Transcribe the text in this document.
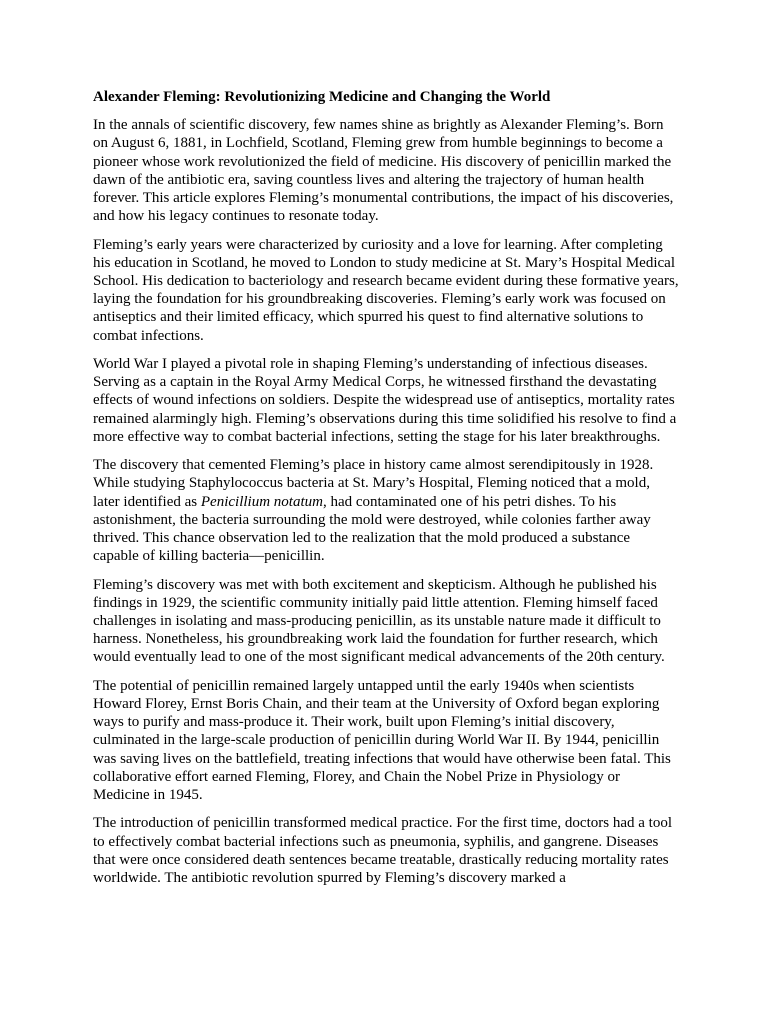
Alexander Fleming: Revolutionizing Medicine and Changing the World

In the annals of scientific discovery, few names shine as brightly as Alexander Fleming’s. Born on August 6, 1881, in Lochfield, Scotland, Fleming grew from humble beginnings to become a pioneer whose work revolutionized the field of medicine. His discovery of penicillin marked the dawn of the antibiotic era, saving countless lives and altering the trajectory of human health forever. This article explores Fleming’s monumental contributions, the impact of his discoveries, and how his legacy continues to resonate today.

Fleming’s early years were characterized by curiosity and a love for learning. After completing his education in Scotland, he moved to London to study medicine at St. Mary’s Hospital Medical School. His dedication to bacteriology and research became evident during these formative years, laying the foundation for his groundbreaking discoveries. Fleming’s early work was focused on antiseptics and their limited efficacy, which spurred his quest to find alternative solutions to combat infections.

World War I played a pivotal role in shaping Fleming’s understanding of infectious diseases. Serving as a captain in the Royal Army Medical Corps, he witnessed firsthand the devastating effects of wound infections on soldiers. Despite the widespread use of antiseptics, mortality rates remained alarmingly high. Fleming’s observations during this time solidified his resolve to find a more effective way to combat bacterial infections, setting the stage for his later breakthroughs.

The discovery that cemented Fleming’s place in history came almost serendipitously in 1928. While studying Staphylococcus bacteria at St. Mary’s Hospital, Fleming noticed that a mold, later identified as Penicillium notatum, had contaminated one of his petri dishes. To his astonishment, the bacteria surrounding the mold were destroyed, while colonies farther away thrived. This chance observation led to the realization that the mold produced a substance capable of killing bacteria—penicillin.

Fleming’s discovery was met with both excitement and skepticism. Although he published his findings in 1929, the scientific community initially paid little attention. Fleming himself faced challenges in isolating and mass-producing penicillin, as its unstable nature made it difficult to harness. Nonetheless, his groundbreaking work laid the foundation for further research, which would eventually lead to one of the most significant medical advancements of the 20th century.

The potential of penicillin remained largely untapped until the early 1940s when scientists Howard Florey, Ernst Boris Chain, and their team at the University of Oxford began exploring ways to purify and mass-produce it. Their work, built upon Fleming’s initial discovery, culminated in the large-scale production of penicillin during World War II. By 1944, penicillin was saving lives on the battlefield, treating infections that would have otherwise been fatal. This collaborative effort earned Fleming, Florey, and Chain the Nobel Prize in Physiology or Medicine in 1945.

The introduction of penicillin transformed medical practice. For the first time, doctors had a tool to effectively combat bacterial infections such as pneumonia, syphilis, and gangrene. Diseases that were once considered death sentences became treatable, drastically reducing mortality rates worldwide. The antibiotic revolution spurred by Fleming’s discovery marked a
